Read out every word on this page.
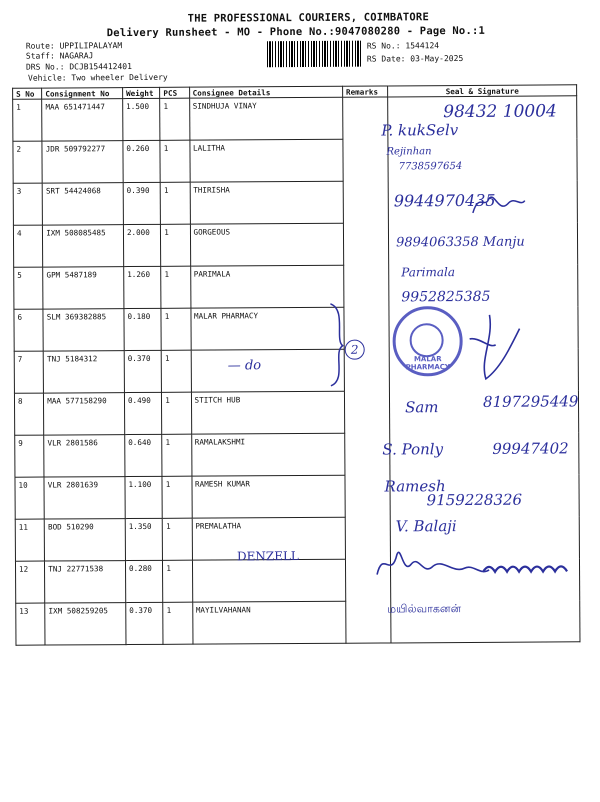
THE PROFESSIONAL COURIERS, COIMBATORE
Delivery Runsheet - MO - Phone No.:9047080280 - Page No.:1
Route: UPPILIPALAYAM
Staff: NAGARAJ
DRS No.: DCJB154412401
Vehicle: Two wheeler Delivery
RS No.: 1544124
RS Date: 03-May-2025
S No	Consignment No	Weight	PCS	Consignee Details	Remarks	Seal & Signature
1	MAA 651471447	1.500	1	SINDHUJA VINAY		
2	JDR 509792277	0.260	1	LALITHA		
3	SRT 54424068	0.390	1	THIRISHA		
4	IXM 508085485	2.000	1	GORGEOUS		
5	GPM 5487189	1.260	1	PARIMALA		
6	SLM 369382885	0.180	1	MALAR PHARMACY		
7	TNJ 5184312	0.370	1			
8	MAA 577158290	0.490	1	STITCH HUB		
9	VLR 2801586	0.640	1	RAMALAKSHMI		
10	VLR 2801639	1.100	1	RAMESH KUMAR		
11	BOD 510290	1.350	1	PREMALATHA		
12	TNJ 22771538	0.280	1			
13	IXM 508259205	0.370	1	MAYILVAHANAN		
98432 10004
P. kukSelv
Rejinhan
7738597654
9944970435
9894063358 Manju
Parimala
9952825385
— do
2
Sam	8197295449
S. Ponly	99947402
Ramesh
9159228326
V. Balaji
DENZELL
மயில்வாகனன்
MALAR PHARMACY
